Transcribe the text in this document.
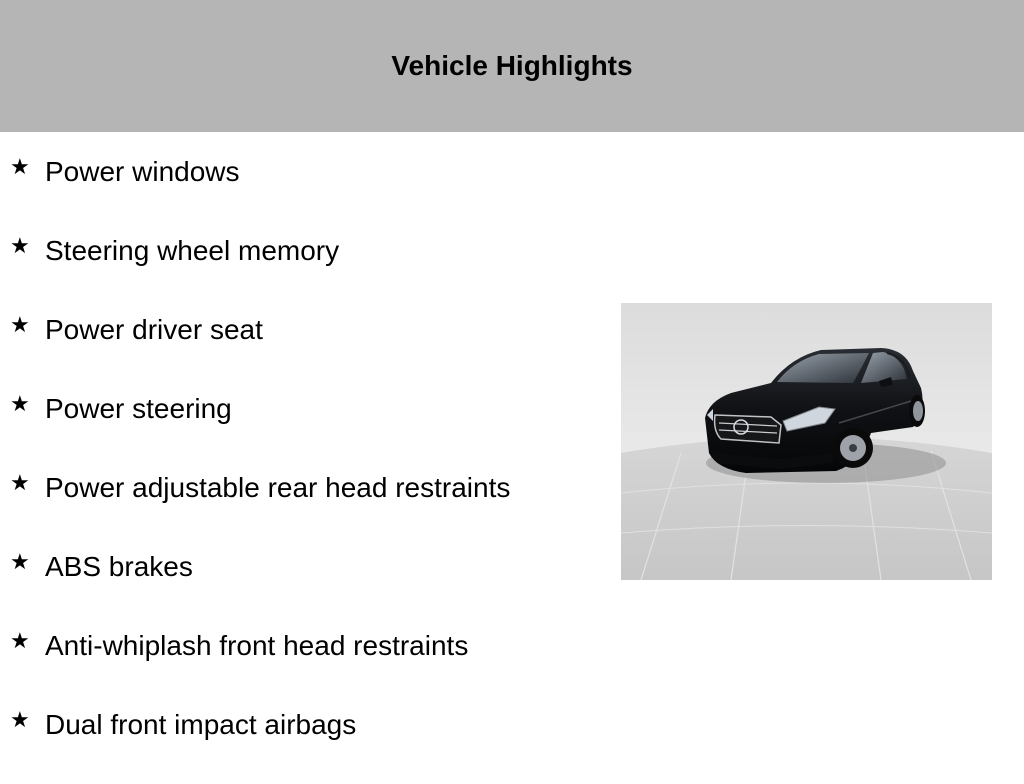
Vehicle Highlights
★ Power windows
★ Steering wheel memory
★ Power driver seat
★ Power steering
★ Power adjustable rear head restraints
★ ABS brakes
★ Anti-whiplash front head restraints
★ Dual front impact airbags
